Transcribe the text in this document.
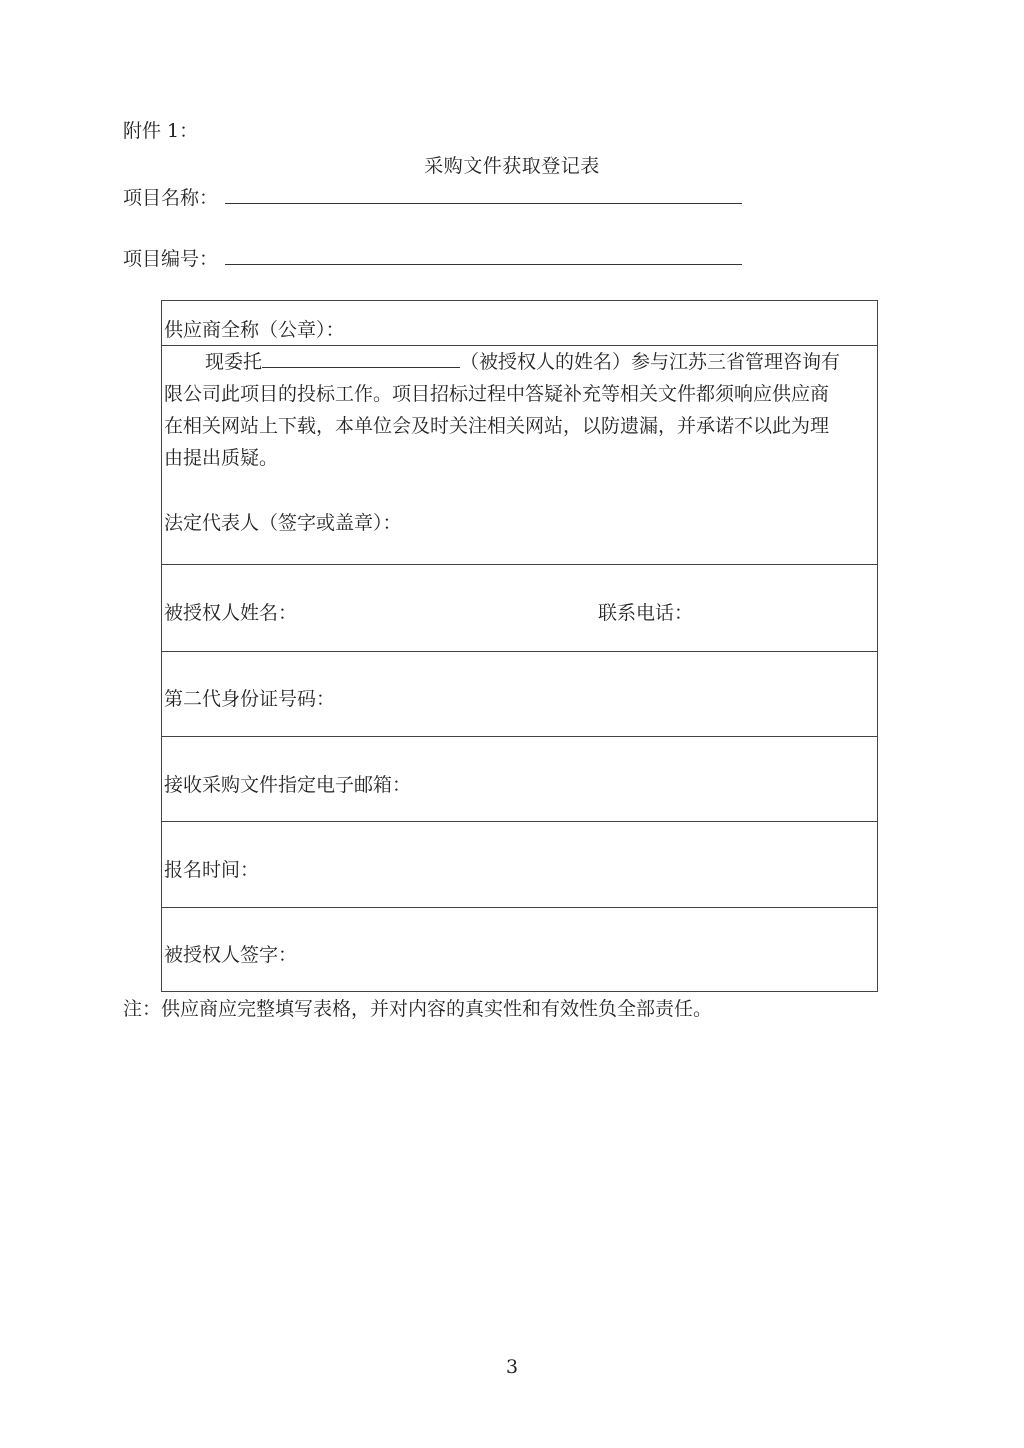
附件 1：
采购文件获取登记表
项目名称：
项目编号：
供应商全称（公章）：
现委托	（被授权人的姓名）参与江苏三省管理咨询有
限公司此项目的投标工作。项目招标过程中答疑补充等相关文件都须响应供应商
在相关网站上下载，本单位会及时关注相关网站，以防遗漏，并承诺不以此为理
由提出质疑。
法定代表人（签字或盖章）：
被授权人姓名：	联系电话：
第二代身份证号码：
接收采购文件指定电子邮箱：
报名时间：
被授权人签字：
注：供应商应完整填写表格，并对内容的真实性和有效性负全部责任。
3
